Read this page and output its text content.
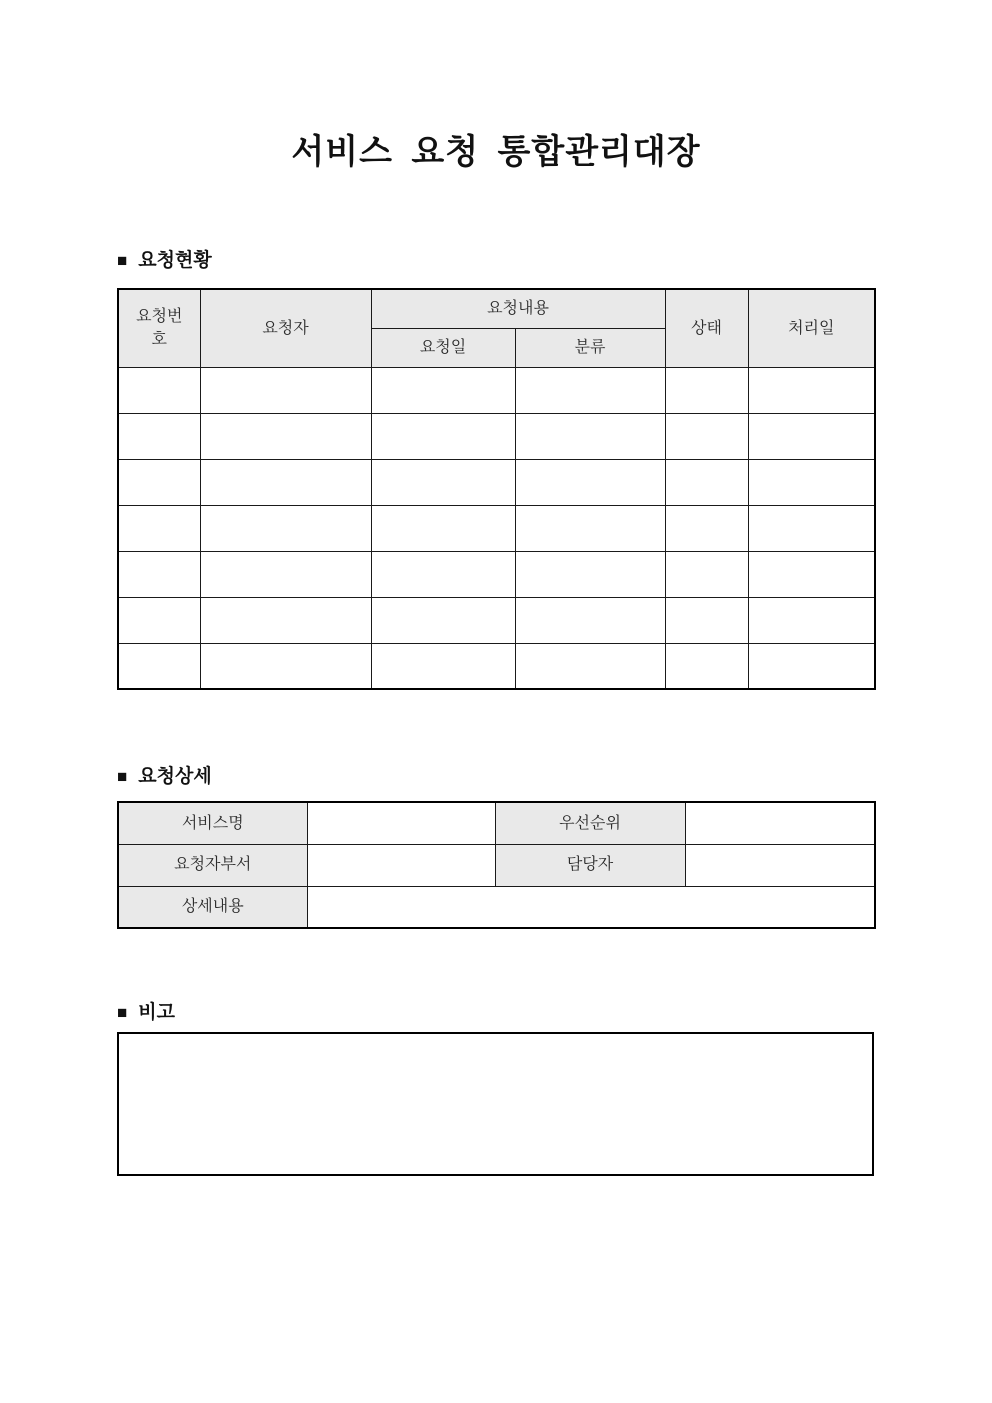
서비스 요청 통합관리대장
■ 요청현황
요청번호	요청자	요청내용		상태	처리일
		요청일	분류		

■ 요청상세
서비스명		우선순위	
요청자부서		담당자	
상세내용			
■ 비고
